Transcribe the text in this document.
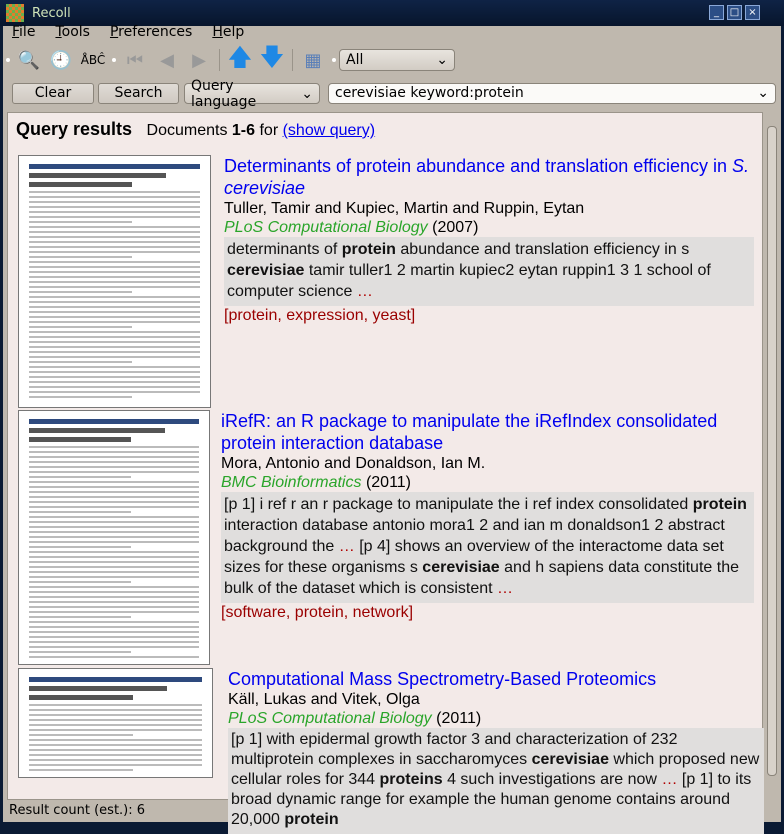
Recoll	_	□ ×
File	Tools	Preferences	Help
🔍 🕘 ÅBĈ ⏮ ◀	▶ 🡅 🡇 ▦	All	⌄
Clear	Search	Query language	⌄ cerevisiae keyword:protein	⌄
Query results Documents 1-6 for (show query)
Determinants of protein abundance and translation efficiency in S. cerevisiae
Tuller, Tamir and Kupiec, Martin and Ruppin, Eytan
PLoS Computational Biology (2007)
determinants of protein abundance and translation efficiency in s cerevisiae tamir tuller1 2 martin kupiec2 eytan ruppin1 3 1 school of computer science …
[protein, expression, yeast]
iRefR: an R package to manipulate the iRefIndex consolidated protein interaction database
Mora, Antonio and Donaldson, Ian M.
BMC Bioinformatics (2011)
[p 1] i ref r an r package to manipulate the i ref index consolidated protein interaction database antonio mora1 2 and ian m donaldson1 2 abstract background the … [p 4] shows an overview of the interactome data set sizes for these organisms s cerevisiae and h sapiens data constitute the bulk of the dataset which is consistent …
[software, protein, network]
Computational Mass Spectrometry-Based Proteomics
Käll, Lukas and Vitek, Olga
PLoS Computational Biology (2011)
[p 1] with epidermal growth factor 3 and characterization of 232 multiprotein complexes in saccharomyces cerevisiae which proposed new cellular roles for 344 proteins 4 such investigations are now … [p 1] to its broad dynamic range for example the human genome contains around 20,000 protein
Result count (est.): 6
